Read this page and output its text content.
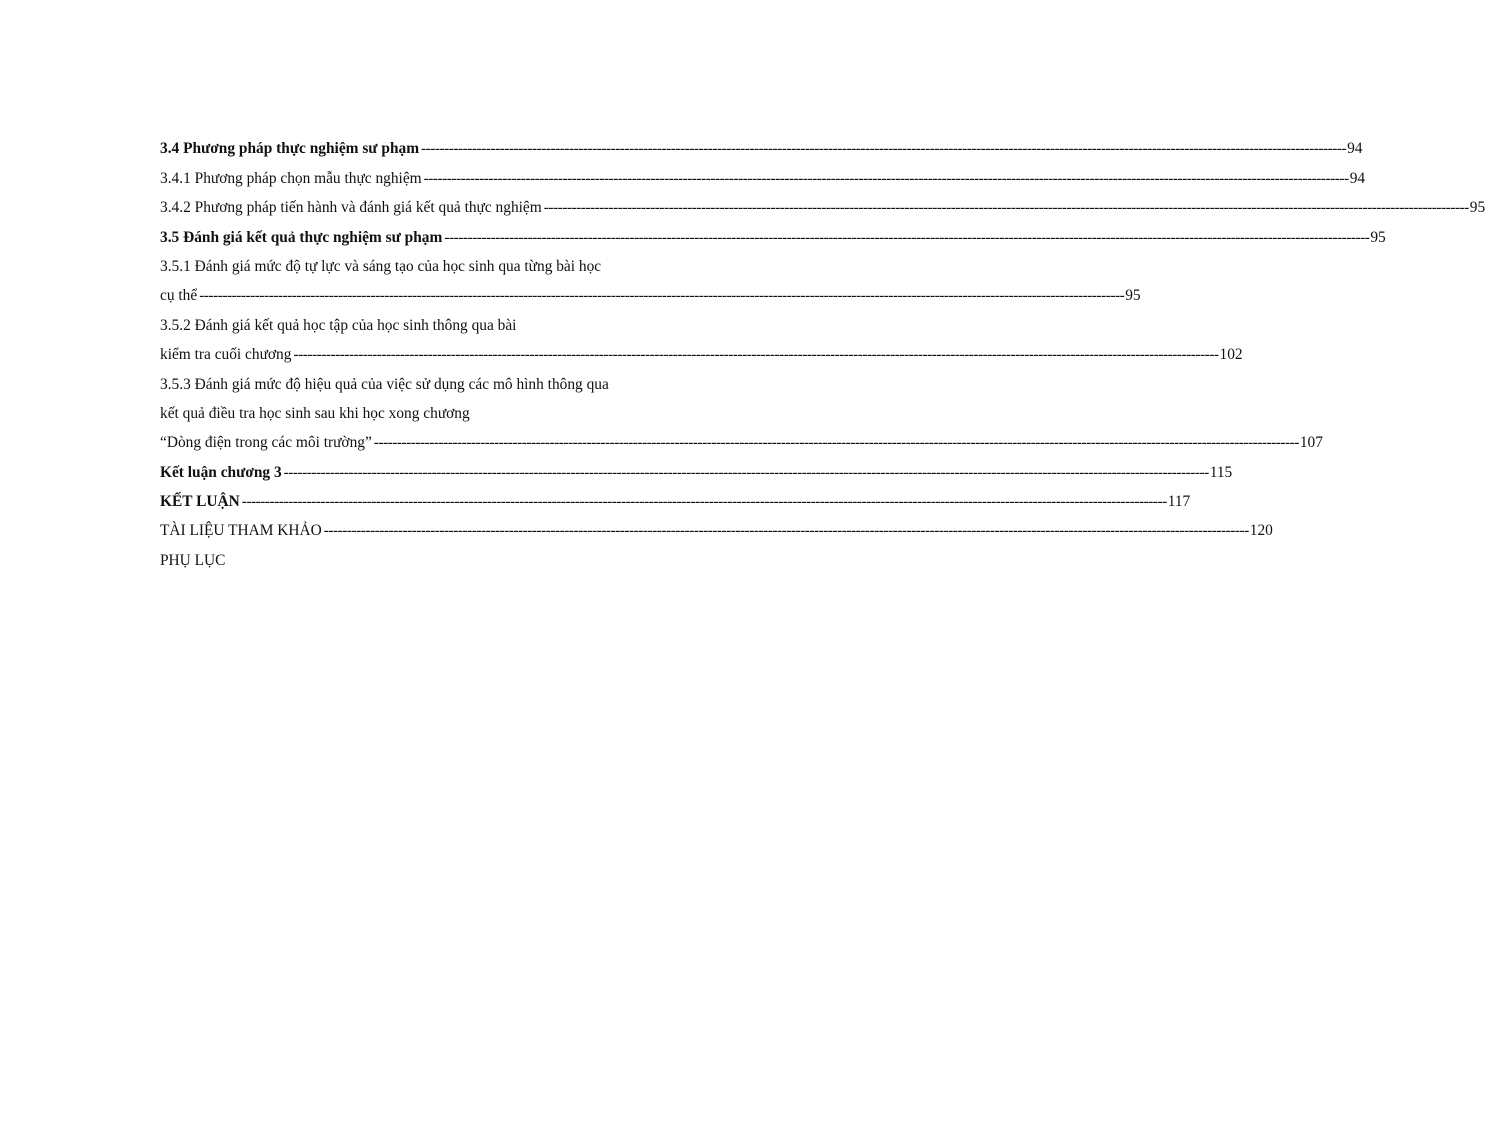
3.4 Phương pháp thực nghiệm sư phạm -------------------------------------------------------------------------------------------------------------------------------------------------------------------------------------------------------- 94
3.4.1 Phương pháp chọn mẫu thực nghiệm -------------------------------------------------------------------------------------------------------------------------------------------------------------------------------------------------------- 94
3.4.2 Phương pháp tiến hành và đánh giá kết quả thực nghiệm -------------------------------------------------------------------------------------------------------------------------------------------------------------------------------------------------------- 95
3.5 Đánh giá kết quả thực nghiệm sư phạm -------------------------------------------------------------------------------------------------------------------------------------------------------------------------------------------------------- 95
3.5.1 Đánh giá mức độ tự lực và sáng tạo của học sinh qua từng bài học
cụ thể -------------------------------------------------------------------------------------------------------------------------------------------------------------------------------------------------------- 95
3.5.2 Đánh giá kết quả học tập của học sinh thông qua bài
kiểm tra cuối chương -------------------------------------------------------------------------------------------------------------------------------------------------------------------------------------------------------- 102
3.5.3 Đánh giá mức độ hiệu quả của việc sử dụng các mô hình thông qua
kết quả điều tra học sinh sau khi học xong chương
“Dòng điện trong các môi trường” -------------------------------------------------------------------------------------------------------------------------------------------------------------------------------------------------------- 107
Kết luận chương 3 -------------------------------------------------------------------------------------------------------------------------------------------------------------------------------------------------------- 115
KẾT LUẬN -------------------------------------------------------------------------------------------------------------------------------------------------------------------------------------------------------- 117
TÀI LIỆU THAM KHẢO -------------------------------------------------------------------------------------------------------------------------------------------------------------------------------------------------------- 120
PHỤ LỤC
